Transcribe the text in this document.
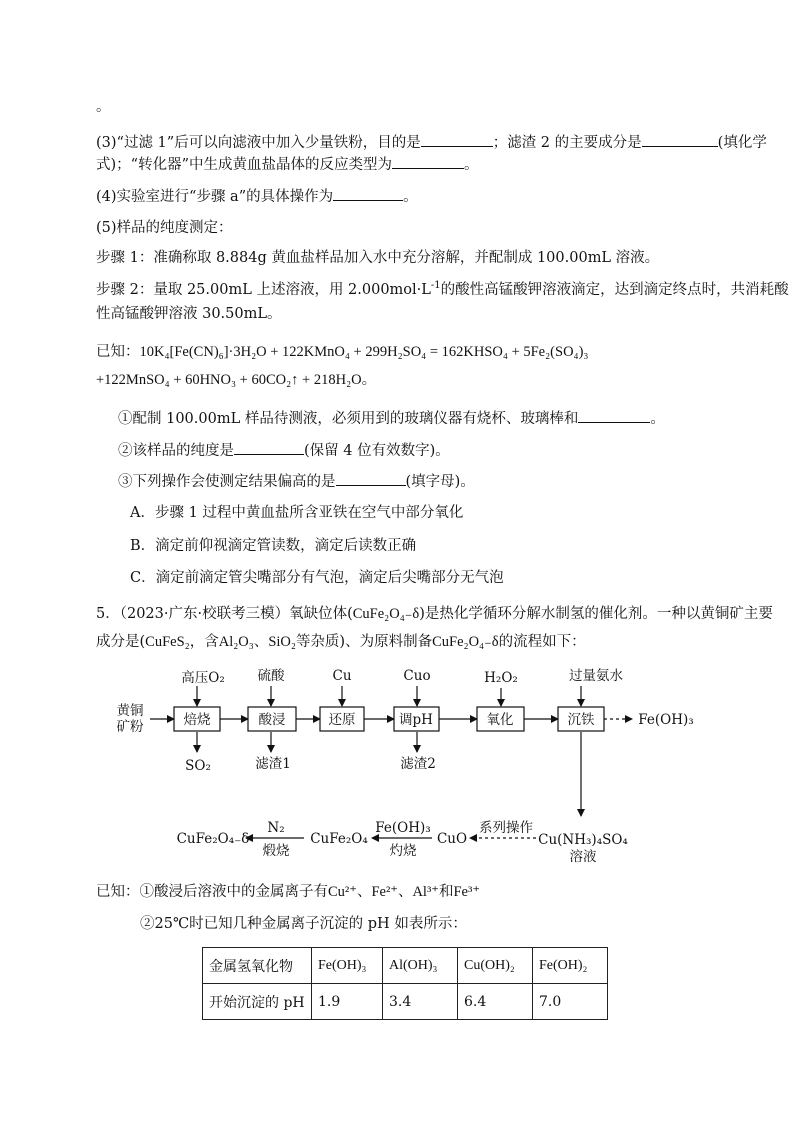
。
(3)“过滤 1”后可以向滤液中加入少量铁粉，目的是	；滤渣 2 的主要成分是	(填化学
式)；“转化器”中生成黄血盐晶体的反应类型为	。
(4)实验室进行“步骤 a”的具体操作为	。
(5)样品的纯度测定：
步骤 1：准确称取 8.884g 黄血盐样品加入水中充分溶解，并配制成 100.00mL 溶液。
步骤 2：量取 25.00mL 上述溶液，用 $2.000mol\cdot L^{-1}$的酸性高锰酸钾溶液滴定，达到滴定终点时，共消耗酸
性高锰酸钾溶液 30.50mL。
已知：10K₄[Fe(CN)₆]·3H₂O + 122KMnO₄ + 299H₂SO₄ = 162KHSO₄ + 5Fe₂(SO₄)₃
+122MnSO₄ + 60HNO₃ + 60CO₂↑ + 218H₂O。
①配制 100.00mL 样品待测液，必须用到的玻璃仪器有烧杯、玻璃棒和	。
②该样品的纯度是	(保留 4 位有效数字)。
③下列操作会使测定结果偏高的是	(填字母)。
A．步骤 1 过程中黄血盐所含亚铁在空气中部分氧化
B．滴定前仰视滴定管读数，滴定后读数正确
C．滴定前滴定管尖嘴部分有气泡，滴定后尖嘴部分无气泡
5．（2023·广东·校联考三模）氧缺位体(CuFe₂O₄₋δ)是热化学循环分解水制氢的催化剂。一种以黄铜矿主要
成分是(CuFeS₂，含Al₂O₃、SiO₂等杂质)、为原料制备CuFe₂O₄₋δ的流程如下：
黄铜
矿粉	焙烧	酸浸	还原	调pH	氧化	沉铁
高压O₂ 硫酸	Cu	Cuo	H₂O₂	过量氨水
SO₂	滤渣1	滤渣2
Fe(OH)₃
Cu(NH₃)₄SO₄
溶液
系列操作
CuO
Fe(OH)₃
灼烧
CuFe₂O₄
N₂
煅烧
CuFe₂O₄₋δ
已知：①酸浸后溶液中的金属离子有Cu²⁺、Fe²⁺、Al³⁺和Fe³⁺
②25℃时已知几种金属离子沉淀的 pH 如表所示：
金属氢氧化物	Fe(OH)₃	Al(OH)₃	Cu(OH)₂	Fe(OH)₂
开始沉淀的 pH	1.9	3.4	6.4	7.0
